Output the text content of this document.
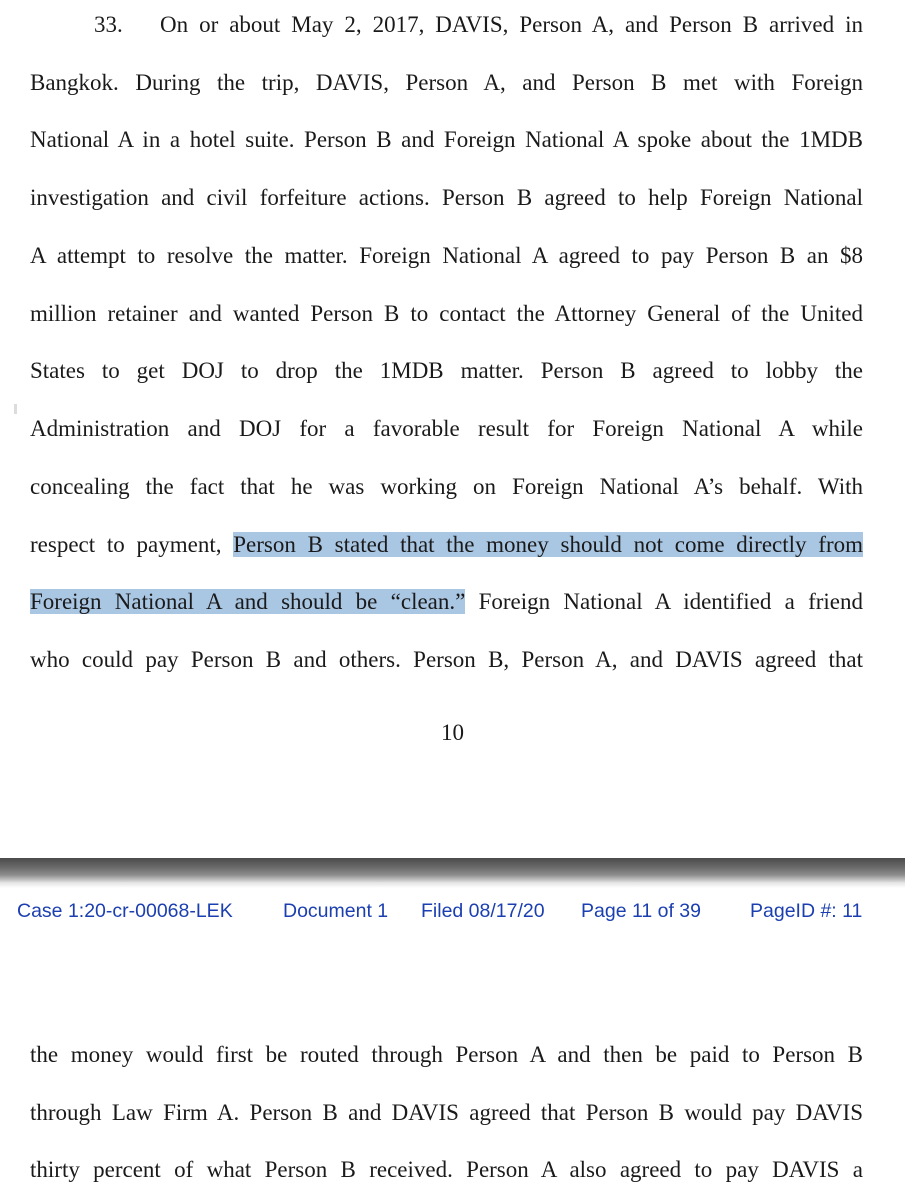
33. On or about May 2, 2017, DAVIS, Person A, and Person B arrived in
Bangkok. During the trip, DAVIS, Person A, and Person B met with Foreign
National A in a hotel suite. Person B and Foreign National A spoke about the 1MDB
investigation and civil forfeiture actions. Person B agreed to help Foreign National
A attempt to resolve the matter. Foreign National A agreed to pay Person B an $8
million retainer and wanted Person B to contact the Attorney General of the United
States to get DOJ to drop the 1MDB matter. Person B agreed to lobby the
Administration and DOJ for a favorable result for Foreign National A while
concealing the fact that he was working on Foreign National A’s behalf. With
respect to payment, Person B stated that the money should not come directly from
Foreign National A and should be “clean.” Foreign National A identified a friend
who could pay Person B and others. Person B, Person A, and DAVIS agreed that
10
Case 1:20-cr-00068-LEK	Document 1 Filed 08/17/20 Page 11 of 39	PageID #: 11
the money would first be routed through Person A and then be paid to Person B
through Law Firm A. Person B and DAVIS agreed that Person B would pay DAVIS
thirty percent of what Person B received. Person A also agreed to pay DAVIS a
